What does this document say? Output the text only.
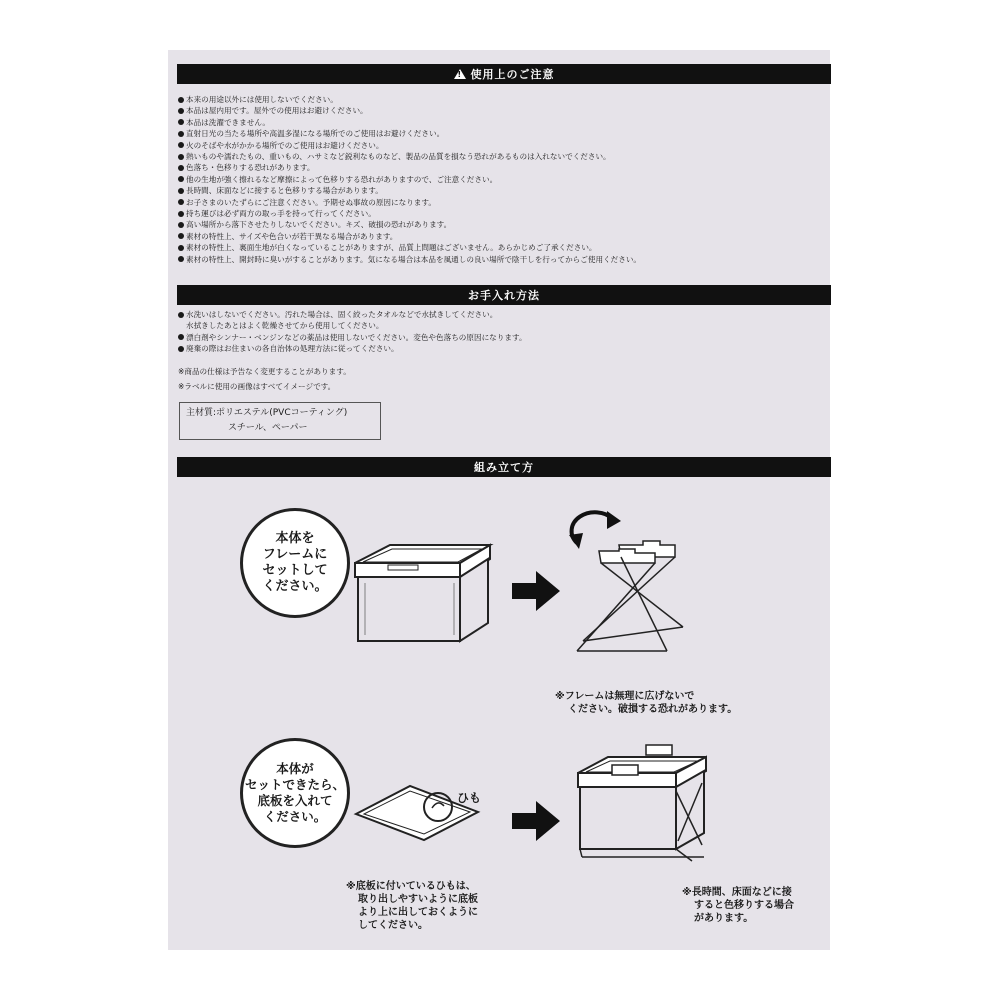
!
使用上のご注意
本来の用途以外には使用しないでください。
本品は屋内用です。屋外での使用はお避けください。
本品は洗濯できません。
直射日光の当たる場所や高温多湿になる場所でのご使用はお避けください。
火のそばや水がかかる場所でのご使用はお避けください。
熱いものや濡れたもの、重いもの、ハサミなど鋭利なものなど、製品の品質を損なう恐れがあるものは入れないでください。
色落ち・色移りする恐れがあります。
他の生地が強く擦れるなど摩擦によって色移りする恐れがありますので、ご注意ください。
長時間、床面などに接すると色移りする場合があります。
お子さまのいたずらにご注意ください。予期せぬ事故の原因になります。
持ち運びは必ず両方の取っ手を持って行ってください。
高い場所から落下させたりしないでください。キズ、破損の恐れがあります。
素材の特性上、サイズや色合いが若干異なる場合があります。
素材の特性上、裏面生地が白くなっていることがありますが、品質上問題はございません。あらかじめご了承ください。
素材の特性上、開封時に臭いがすることがあります。気になる場合は本品を風通しの良い場所で陰干しを行ってからご使用ください。
お手入れ方法
水洗いはしないでください。汚れた場合は、固く絞ったタオルなどで水拭きしてください。
水拭きしたあとはよく乾燥させてから使用してください。
漂白剤やシンナー・ベンジンなどの薬品は使用しないでください。変色や色落ちの原因になります。
廃棄の際はお住まいの各自治体の処理方法に従ってください。
※商品の仕様は予告なく変更することがあります。
※ラベルに使用の画像はすべてイメージです。
主材質:ポリエステル(PVCコーティング)
スチール、ペーパー
組み立て方
本体を
フレームに
セットして
ください。
※フレームは無理に広げないで
ください。破損する恐れがあります。
本体が
セットできたら、
底板を入れて
ください。
ひも
※底板に付いているひもは、
取り出しやすいように底板
より上に出しておくように
してください。
※長時間、床面などに接
すると色移りする場合
があります。
